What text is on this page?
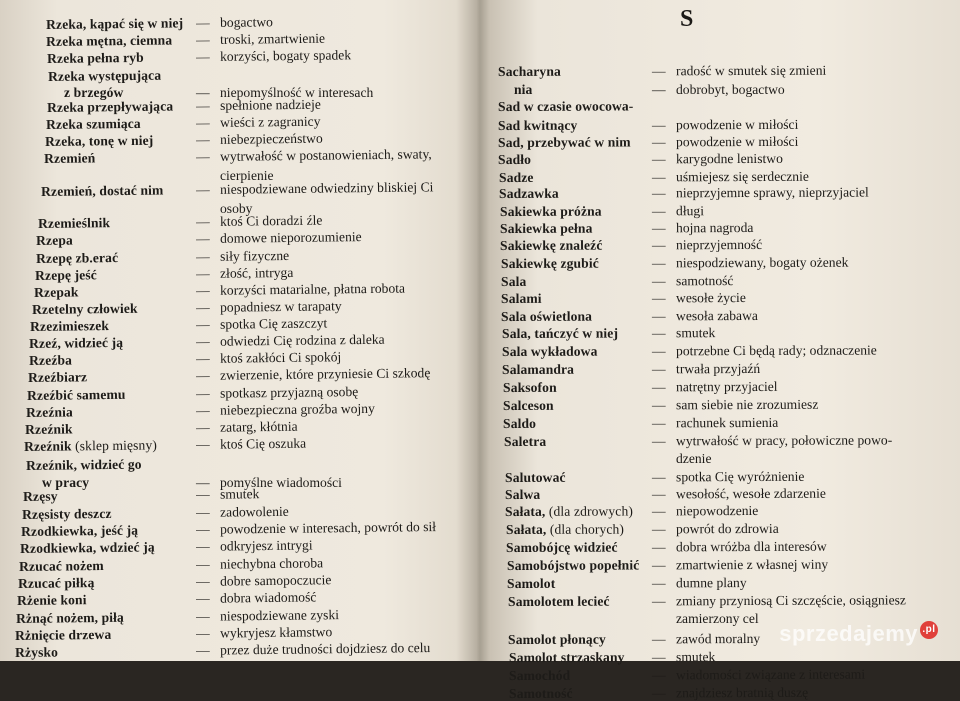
Rzeka, kąpać się w niej — bogactwo
Rzeka mętna, ciemna — troski, zmartwienie
Rzeka pełna ryb	— korzyści, bogaty spadek
Rzeka występująca
z brzegów	— niepomyślność w interesach
Rzeka przepływająca — spełnione nadzieje
Rzeka szumiąca	— wieści z zagranicy
Rzeka, tonę w niej	— niebezpieczeństwo
Rzemień	— wytrwałość w postanowieniach, swaty,
cierpienie
Rzemień, dostać nim — niespodziewane odwiedziny bliskiej Ci
osoby
Rzemieślnik	— ktoś Ci doradzi źle
Rzepa	— domowe nieporozumienie
Rzepę zb.erać	— siły fizyczne
Rzepę jeść	— złość, intryga
Rzepak	— korzyści matarialne, płatna robota
Rzetelny człowiek	— popadniesz w tarapaty
Rzezimieszek	— spotka Cię zaszczyt
Rzeź, widzieć ją	— odwiedzi Cię rodzina z daleka
Rzeźba	— ktoś zakłóci Ci spokój
Rzeźbiarz	— zwierzenie, które przyniesie Ci szkodę
Rzeźbić samemu	— spotkasz przyjazną osobę
Rzeźnia	— niebezpieczna groźba wojny
Rzeźnik	— zatarg, kłótnia
Rzeźnik (sklep mięsny)	— ktoś Cię oszuka
Rzeźnik, widzieć go
w pracy	— pomyślne wiadomości
Rzęsy	— smutek
Rzęsisty deszcz	— zadowolenie
Rzodkiewka, jeść ją	— powodzenie w interesach, powrót do sił
Rzodkiewka, wdzieć ją	— odkryjesz intrygi
Rzucać nożem	— niechybna choroba
Rzucać piłką	— dobre samopoczucie
Rżenie koni	— dobra wiadomość
Rżnąć nożem, piłą	— niespodziewane zyski
Rżnięcie drzewa	— wykryjesz kłamstwo
Rżysko	— przez duże trudności dojdziesz do celu
S
Sacharyna	— radość w smutek się zmieni
Sad w czasie owocowa-
nia	— dobrobyt, bogactwo
Sad kwitnący	— powodzenie w miłości
Sad, przebywać w nim — powodzenie w miłości
Sadło	— karygodne lenistwo
Sadze	— uśmiejesz się serdecznie
Sadzawka	— nieprzyjemne sprawy, nieprzyjaciel
Sakiewka próżna	— długi
Sakiewka pełna	— hojna nagroda
Sakiewkę znaleźć	— nieprzyjemność
Sakiewkę zgubić	— niespodziewany, bogaty ożenek
Sala	— samotność
Salami	— wesołe życie
Sala oświetlona	— wesoła zabawa
Sala, tańczyć w niej — smutek
Sala wykładowa	— potrzebne Ci będą rady; odznaczenie
Salamandra	— trwała przyjaźń
Saksofon	— natrętny przyjaciel
Salceson	— sam siebie nie zrozumiesz
Saldo	— rachunek sumienia
Saletra	— wytrwałość w pracy, połowiczne powo-
dzenie
Salutować	— spotka Cię wyróżnienie
Salwa	— wesołość, wesołe zdarzenie
Sałata, (dla zdrowych) — niepowodzenie
Sałata, (dla chorych) — powrót do zdrowia
Samobójcę widzieć	— dobra wróżba dla interesów
Samobójstwo popełnić — zmartwienie z własnej winy
Samolot	— dumne plany
Samolotem lecieć	— zmiany przyniosą Ci szczęście, osiągniesz
zamierzony cel
Samolot płonący	— zawód moralny
Samolot strzaskany — smutek
Samochód	— wiadomości związane z interesami
Samotność	— znajdziesz bratnią duszę
sprzedajemy .pl
